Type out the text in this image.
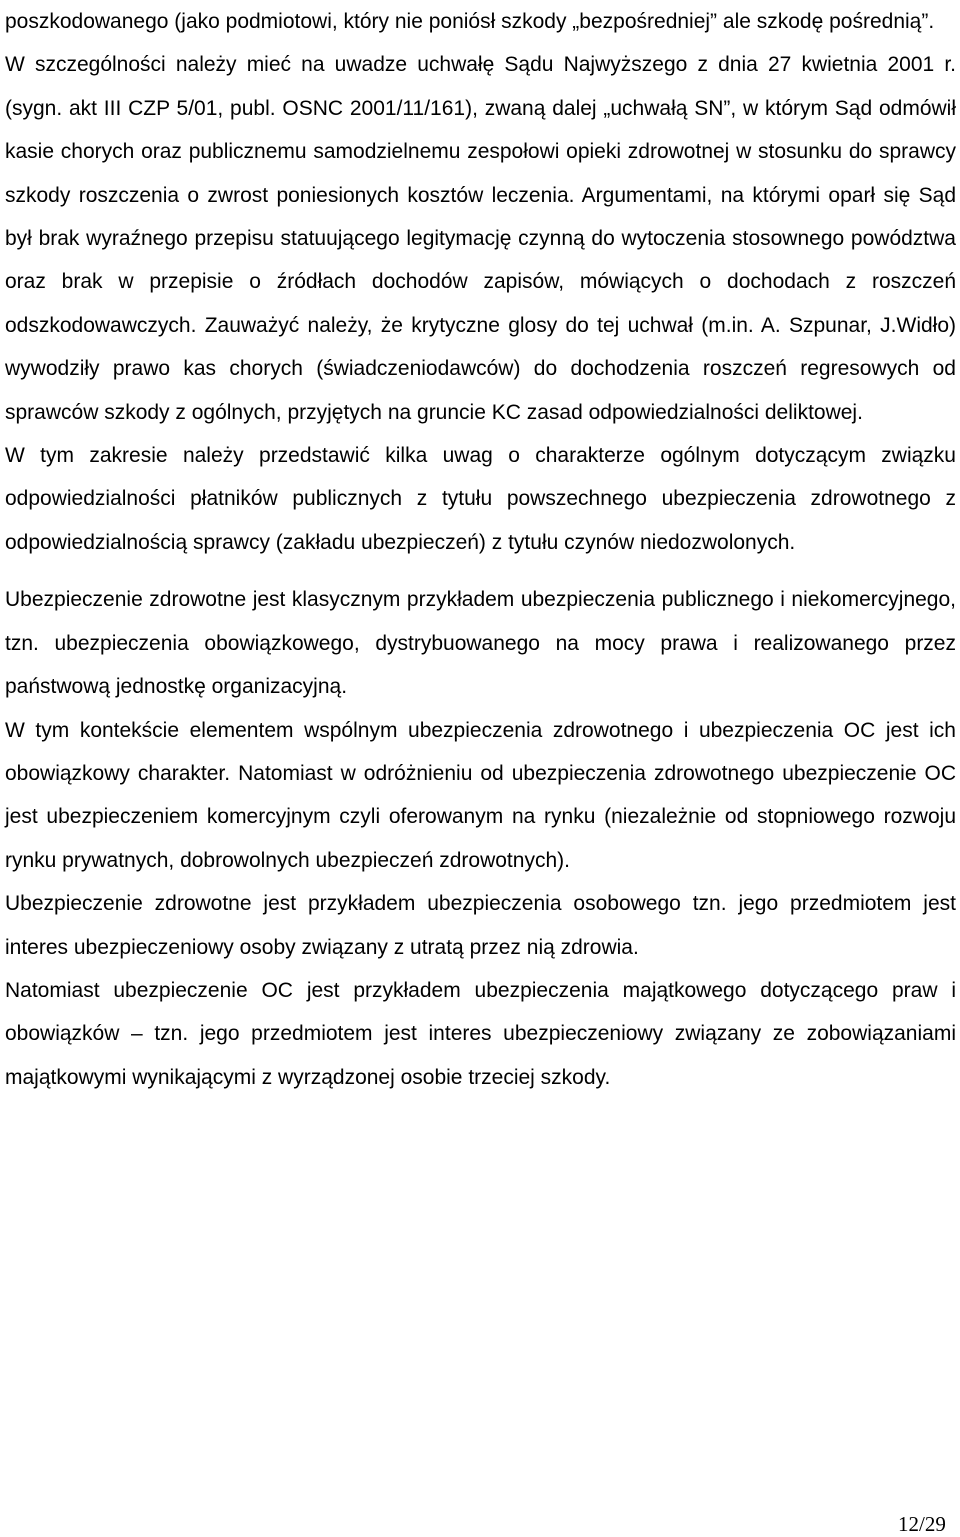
poszkodowanego (jako podmiotowi, który nie poniósł szkody „bezpośredniej” ale szkodę pośrednią”.

W szczególności należy mieć na uwadze uchwałę Sądu Najwyższego z dnia 27 kwietnia 2001 r. (sygn. akt III CZP 5/01, publ. OSNC 2001/11/161), zwaną dalej „uchwałą SN”, w którym Sąd odmówił kasie chorych oraz publicznemu samodzielnemu zespołowi opieki zdrowotnej w stosunku do sprawcy szkody roszczenia o zwrost poniesionych kosztów leczenia. Argumentami, na którymi oparł się Sąd był brak wyraźnego przepisu statuującego legitymację czynną do wytoczenia stosownego powództwa oraz brak w przepisie o źródłach dochodów zapisów, mówiących o dochodach z roszczeń odszkodowawczych. Zauważyć należy, że krytyczne glosy do tej uchwał (m.in. A. Szpunar, J.Widło) wywodziły prawo kas chorych (świadczeniodawców) do dochodzenia roszczeń regresowych od sprawców szkody z ogólnych, przyjętych na gruncie KC zasad odpowiedzialności deliktowej.

W tym zakresie należy przedstawić kilka uwag o charakterze ogólnym dotyczącym związku odpowiedzialności płatników publicznych z tytułu powszechnego ubezpieczenia zdrowotnego z odpowiedzialnością sprawcy (zakładu ubezpieczeń) z tytułu czynów niedozwolonych.

Ubezpieczenie zdrowotne jest klasycznym przykładem ubezpieczenia publicznego i niekomercyjnego, tzn. ubezpieczenia obowiązkowego, dystrybuowanego na mocy prawa i realizowanego przez państwową jednostkę organizacyjną.

W tym kontekście elementem wspólnym ubezpieczenia zdrowotnego i ubezpieczenia OC jest ich obowiązkowy charakter. Natomiast w odróżnieniu od ubezpieczenia zdrowotnego ubezpieczenie OC jest ubezpieczeniem komercyjnym czyli oferowanym na rynku (niezależnie od stopniowego rozwoju rynku prywatnych, dobrowolnych ubezpieczeń zdrowotnych).

Ubezpieczenie zdrowotne jest przykładem ubezpieczenia osobowego tzn. jego przedmiotem jest interes ubezpieczeniowy osoby związany z utratą przez nią zdrowia.

Natomiast ubezpieczenie OC jest przykładem ubezpieczenia majątkowego dotyczącego praw i obowiązków – tzn. jego przedmiotem jest interes ubezpieczeniowy związany ze zobowiązaniami majątkowymi wynikającymi z wyrządzonej osobie trzeciej szkody.

12/29
